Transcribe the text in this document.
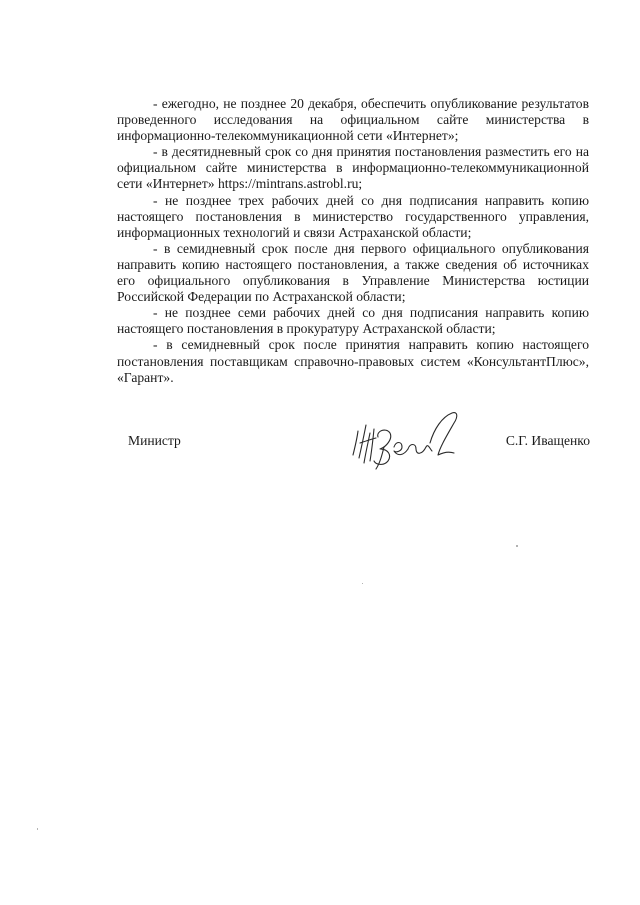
- ежегодно, не позднее 20 декабря, обеспечить опубликование результатов проведенного исследования на официальном сайте министерства в информационно-телекоммуникационной сети «Интернет»;

- в десятидневный срок со дня принятия постановления разместить его на официальном сайте министерства в информационно-телекоммуникационной сети «Интернет» https://mintrans.astrobl.ru;

- не позднее трех рабочих дней со дня подписания направить копию настоящего постановления в министерство государственного управления, информационных технологий и связи Астраханской области;

- в семидневный срок после дня первого официального опубликования направить копию настоящего постановления, а также сведения об источниках его официального опубликования в Управление Министерства юстиции Российской Федерации по Астраханской области;

- не позднее семи рабочих дней со дня подписания направить копию настоящего постановления в прокуратуру Астраханской области;

- в семидневный срок после принятия направить копию настоящего постановления поставщикам справочно-правовых систем «КонсультантПлюс», «Гарант».

Министр	С.Г. Иващенко
